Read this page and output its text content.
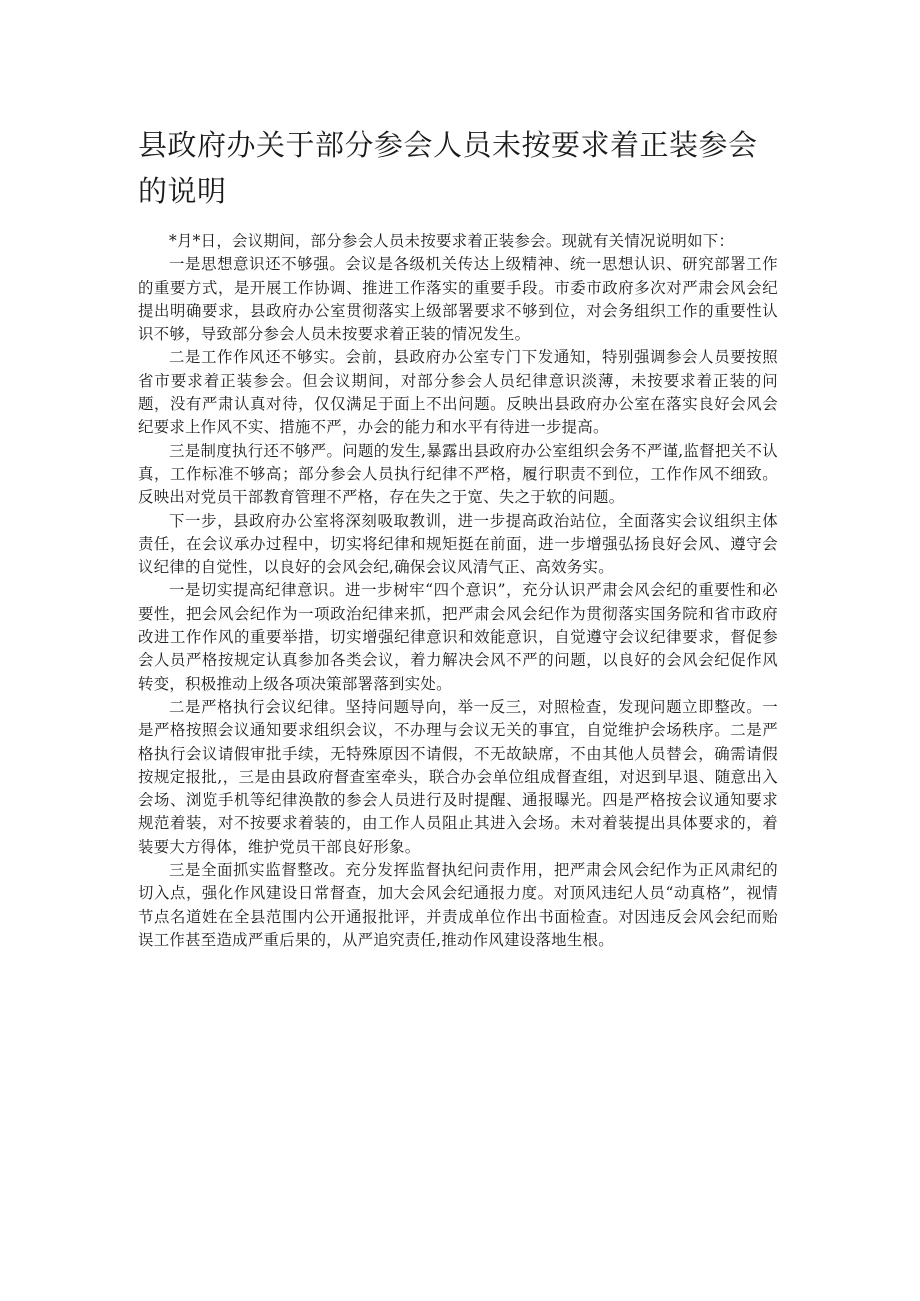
县政府办关于部分参会人员未按要求着正装参会的说明

*月*日，会议期间，部分参会人员未按要求着正装参会。现就有关情况说明如下：

一是思想意识还不够强。会议是各级机关传达上级精神、统一思想认识、研究部署工作的重要方式，是开展工作协调、推进工作落实的重要手段。市委市政府多次对严肃会风会纪提出明确要求，县政府办公室贯彻落实上级部署要求不够到位，对会务组织工作的重要性认识不够，导致部分参会人员未按要求着正装的情况发生。

二是工作作风还不够实。会前，县政府办公室专门下发通知，特别强调参会人员要按照省市要求着正装参会。但会议期间，对部分参会人员纪律意识淡薄，未按要求着正装的问题，没有严肃认真对待，仅仅满足于面上不出问题。反映出县政府办公室在落实良好会风会纪要求上作风不实、措施不严，办会的能力和水平有待进一步提高。

三是制度执行还不够严。问题的发生,暴露出县政府办公室组织会务不严谨,监督把关不认真，工作标准不够高；部分参会人员执行纪律不严格，履行职责不到位，工作作风不细致。反映出对党员干部教育管理不严格，存在失之于宽、失之于软的问题。

下一步，县政府办公室将深刻吸取教训，进一步提高政治站位，全面落实会议组织主体责任，在会议承办过程中，切实将纪律和规矩挺在前面，进一步增强弘扬良好会风、遵守会议纪律的自觉性，以良好的会风会纪,确保会议风清气正、高效务实。

一是切实提高纪律意识。进一步树牢“四个意识”，充分认识严肃会风会纪的重要性和必要性，把会风会纪作为一项政治纪律来抓，把严肃会风会纪作为贯彻落实国务院和省市政府改进工作作风的重要举措，切实增强纪律意识和效能意识，自觉遵守会议纪律要求，督促参会人员严格按规定认真参加各类会议，着力解决会风不严的问题，以良好的会风会纪促作风转变，积极推动上级各项决策部署落到实处。

二是严格执行会议纪律。坚持问题导向，举一反三，对照检查，发现问题立即整改。一是严格按照会议通知要求组织会议，不办理与会议无关的事宜，自觉维护会场秩序。二是严格执行会议请假审批手续，无特殊原因不请假，不无故缺席，不由其他人员替会，确需请假按规定报批,，三是由县政府督查室牵头，联合办会单位组成督查组，对迟到早退、随意出入会场、浏览手机等纪律涣散的参会人员进行及时提醒、通报曝光。四是严格按会议通知要求规范着装，对不按要求着装的，由工作人员阻止其进入会场。未对着装提出具体要求的，着装要大方得体，维护党员干部良好形象。

三是全面抓实监督整改。充分发挥监督执纪问责作用，把严肃会风会纪作为正风肃纪的切入点，强化作风建设日常督查，加大会风会纪通报力度。对顶风违纪人员“动真格”，视情节点名道姓在全县范围内公开通报批评，并责成单位作出书面检查。对因违反会风会纪而贻误工作甚至造成严重后果的，从严追究责任,推动作风建设落地生根。
